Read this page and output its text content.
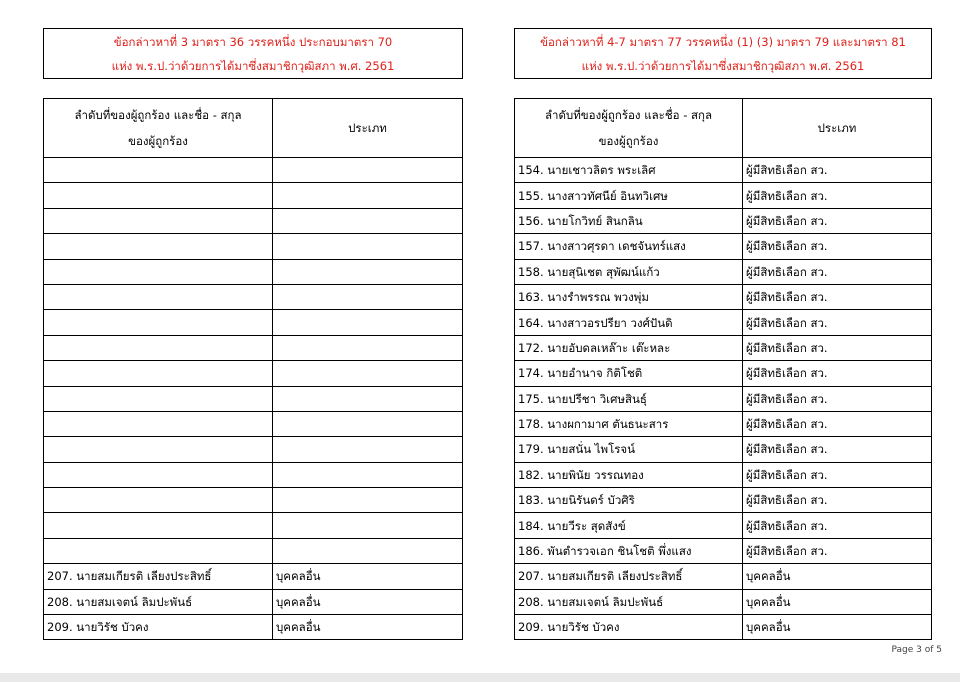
ข้อกล่าวหาที่ 3 มาตรา 36 วรรคหนึ่ง ประกอบมาตรา 70
แห่ง พ.ร.ป.ว่าด้วยการได้มาซึ่งสมาชิกวุฒิสภา พ.ศ. 2561
ลำดับที่ของผู้ถูกร้อง และชื่อ - สกุล
ของผู้ถูกร้อง	ประเภท

207. นายสมเกียรติ เลียงประสิทธิ์	บุคคลอื่น
208. นายสมเจตน์ ลิมปะพันธ์	บุคคลอื่น
209. นายวิรัช บัวคง	บุคคลอื่น
ข้อกล่าวหาที่ 4-7 มาตรา 77 วรรคหนึ่ง (1) (3) มาตรา 79 และมาตรา 81
แห่ง พ.ร.ป.ว่าด้วยการได้มาซึ่งสมาชิกวุฒิสภา พ.ศ. 2561
ลำดับที่ของผู้ถูกร้อง และชื่อ - สกุล
ของผู้ถูกร้อง	ประเภท
154. นายเชาวลิตร พระเลิศ	ผู้มีสิทธิเลือก สว.
155. นางสาวทัศนีย์ อินทวิเศษ	ผู้มีสิทธิเลือก สว.
156. นายโกวิทย์ สินกลิน	ผู้มีสิทธิเลือก สว.
157. นางสาวศุรดา เดชจันทร์แสง	ผู้มีสิทธิเลือก สว.
158. นายสุนิเชต สุพัฒน์แก้ว	ผู้มีสิทธิเลือก สว.
163. นางรำพรรณ พวงพุ่ม	ผู้มีสิทธิเลือก สว.
164. นางสาวอรปรียา วงศ์ปันดิ	ผู้มีสิทธิเลือก สว.
172. นายอับดลเหล๊าะ เต๊ะหละ	ผู้มีสิทธิเลือก สว.
174. นายอำนาจ กิติโชติ	ผู้มีสิทธิเลือก สว.
175. นายปรีชา วิเศษสินธุ์	ผู้มีสิทธิเลือก สว.
178. นางผกามาศ ตันธนะสาร	ผู้มีสิทธิเลือก สว.
179. นายสนั่น ไพโรจน์	ผู้มีสิทธิเลือก สว.
182. นายพินัย วรรณทอง	ผู้มีสิทธิเลือก สว.
183. นายนิรันดร์ บัวศิริ	ผู้มีสิทธิเลือก สว.
184. นายวีระ สุดสังข์	ผู้มีสิทธิเลือก สว.
186. พันตำรวจเอก ชินโชติ พึ่งแสง	ผู้มีสิทธิเลือก สว.
207. นายสมเกียรติ เลียงประสิทธิ์	บุคคลอื่น
208. นายสมเจตน์ ลิมปะพันธ์	บุคคลอื่น
209. นายวิรัช บัวคง	บุคคลอื่น
Page 3 of 5
